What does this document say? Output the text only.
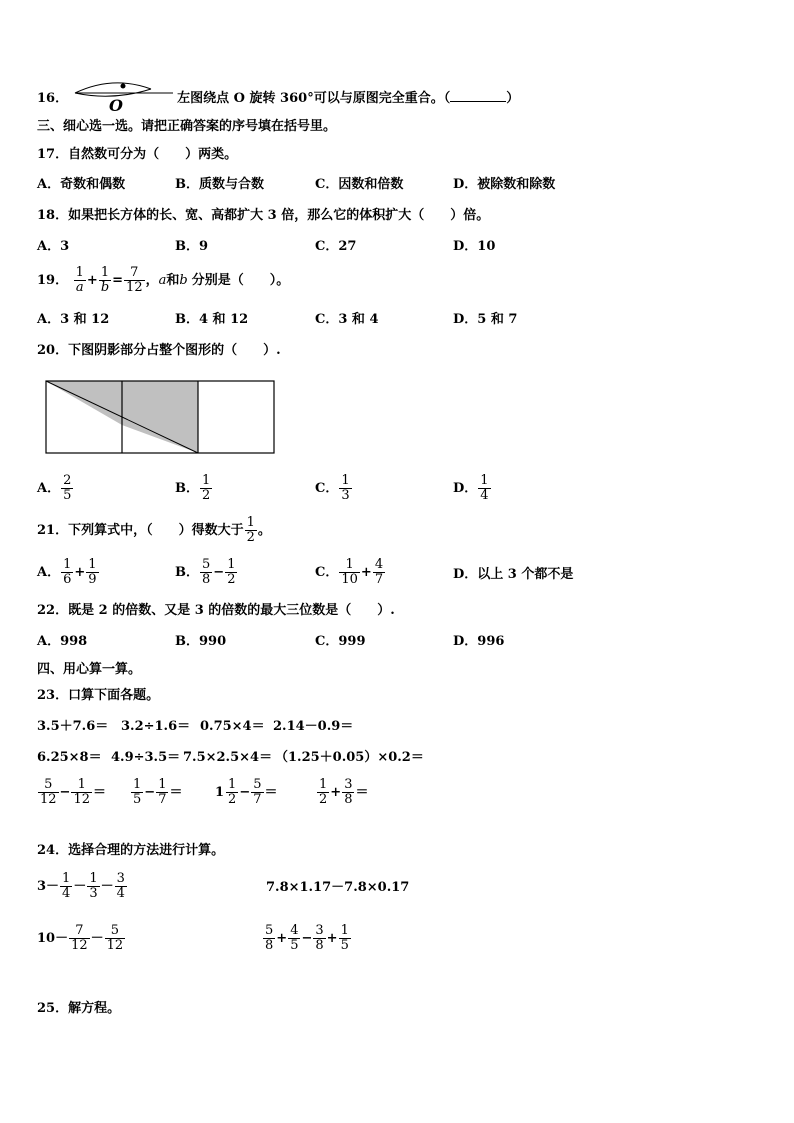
16．	O	左图绕点 O 旋转 360°可以与原图完全重合。（	）
三、细心选一选。请把正确答案的序号填在括号里。
17．自然数可分为（　　）两类。
A．奇数和偶数	B．质数与合数	C．因数和倍数	D．被除数和除数
18．如果把长方体的长、宽、高都扩大 3 倍，那么它的体积扩大（　　）倍。
A．3	B．9	C．27	D．10
19． $\frac{1}{a} + \frac{1}{b} = \frac{7}{12}$ ，a和b 分别是（　　）。
A．3 和 12	B．4 和 12	C．3 和 4	D．5 和 7
20．下图阴影部分占整个图形的（　　）.
A． $\frac{2}{5}$	B． $\frac{1}{2}$	C． $\frac{1}{3}$	D． $\frac{1}{4}$
21．下列算式中，（　　）得数大于 $\frac{1}{2}$ 。
A． $\frac{1}{6} + \frac{1}{9}$	B． $\frac{5}{8} - \frac{1}{2}$	C． $\frac{1}{10} + \frac{4}{7}$	D．以上 3 个都不是
22．既是 2 的倍数、又是 3 的倍数的最大三位数是（　　）.
A．998	B．990	C．999	D．996
四、用心算一算。
23．口算下面各题。
3.5＋7.6＝ 3.2÷1.6＝ 0.75×4＝ 2.14－0.9＝
6.25×8＝ 4.9÷3.5＝ 7.5×2.5×4＝ （1.25＋0.05）×0.2＝
$\frac{5}{12} - \frac{1}{12} = \frac{1}{5} - \frac{1}{7}$ ＝	$1 \frac{1}{2} - \frac{5}{7}$ ＝	$\frac{1}{2} + \frac{3}{8}$ ＝
24．选择合理的方法进行计算。
$3- \frac{1}{4} - \frac{1}{3} - \frac{3}{4}$	7.8×1.17－7.8×0.17
$10- \frac{7}{12} - \frac{5}{12}$	$\frac{5}{8} + \frac{4}{5} - \frac{3}{8} + \frac{1}{5}$
25．解方程。
